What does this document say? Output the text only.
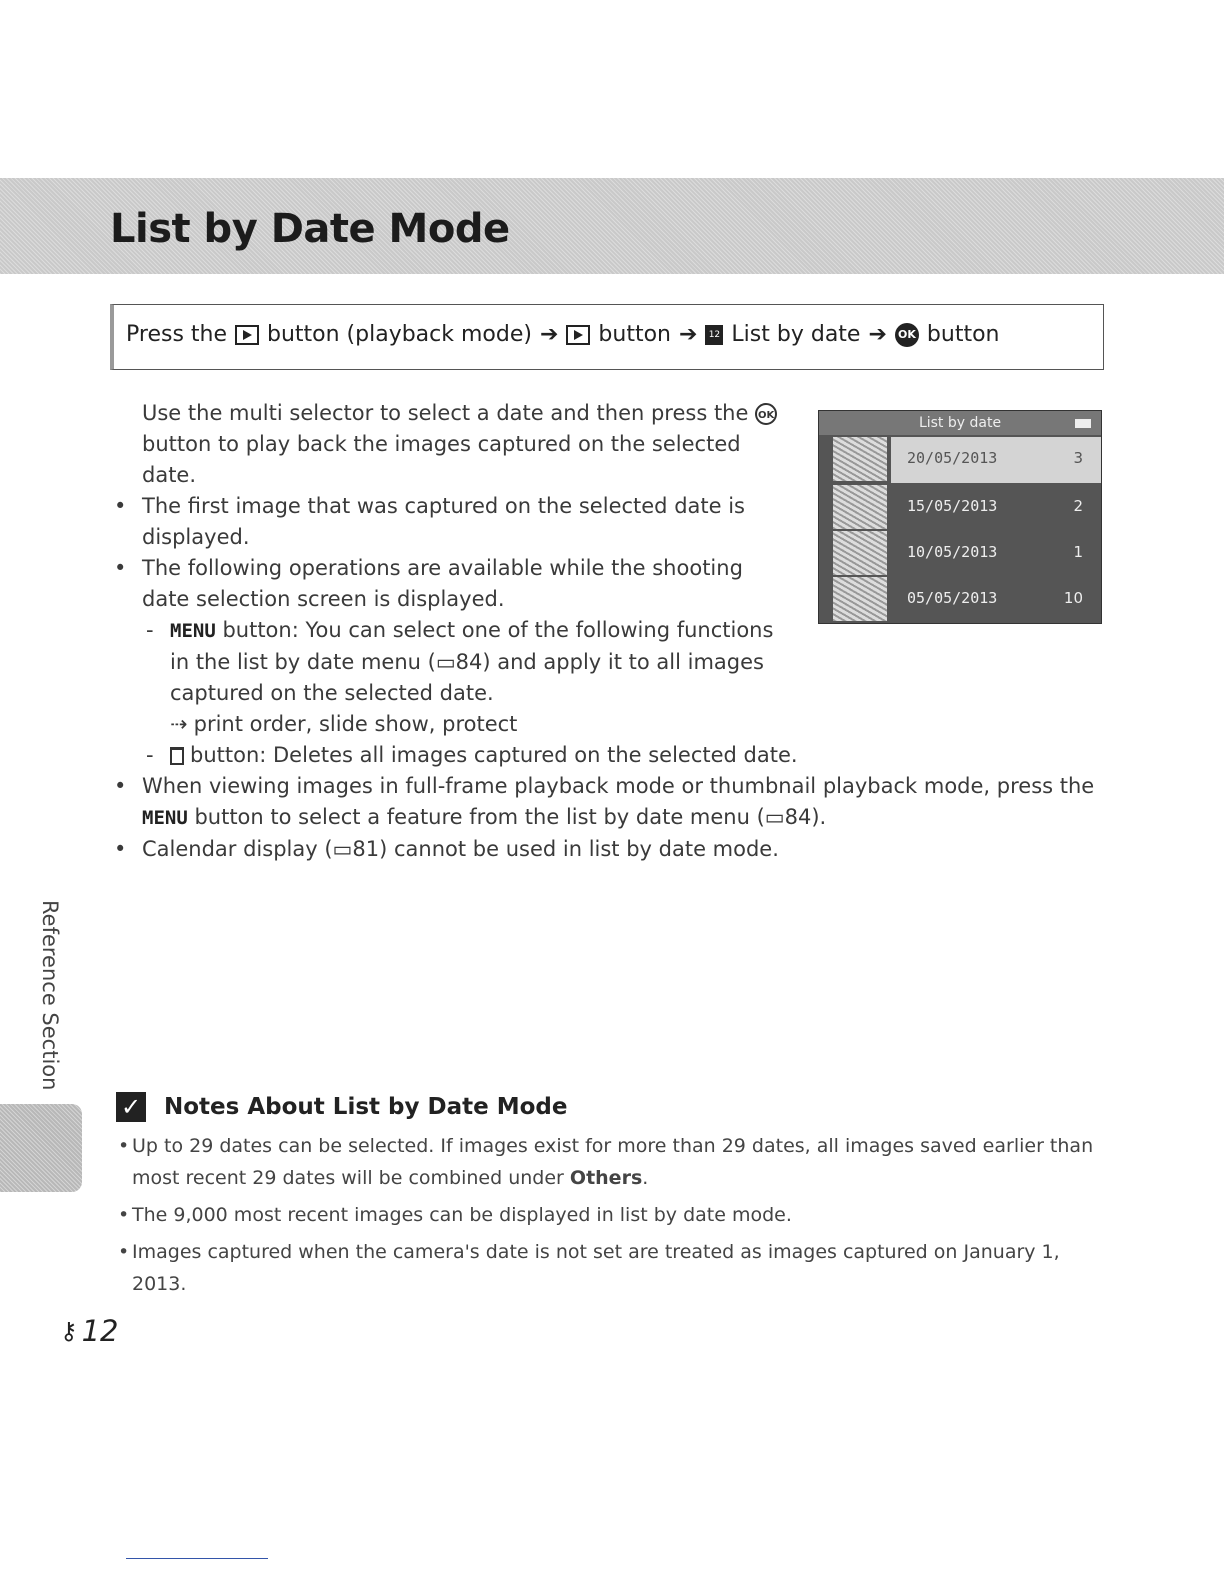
List by Date Mode
Press the button (playback mode) ➔ button ➔	12 List by date ➔ OK button

Use the multi selector to select a date and then press the OK button to play back the images captured on the selected date.

• The first image that was captured on the selected date is displayed.

• The following operations are available while the shooting date selection screen is displayed.

- MENU button: You can select one of the following functions in the list by date menu (▭84) and apply it to all images captured on the selected date.
⇢ print order, slide show, protect
- button: Deletes all images captured on the selected date.

• When viewing images in full-frame playback mode or thumbnail playback mode, press the MENU button to select a feature from the list by date menu (▭84).

• Calendar display (▭81) cannot be used in list by date mode.

List by date
20/05/2013	3
15/05/2013	2
10/05/2013	1
05/05/2013	10
Reference Section
✓ Notes About List by Date Mode

• Up to 29 dates can be selected. If images exist for more than 29 dates, all images saved earlier than most recent 29 dates will be combined under Others.

• The 9,000 most recent images can be displayed in list by date mode.

• Images captured when the camera's date is not set are treated as images captured on January 1, 2013.

⚷ 12
